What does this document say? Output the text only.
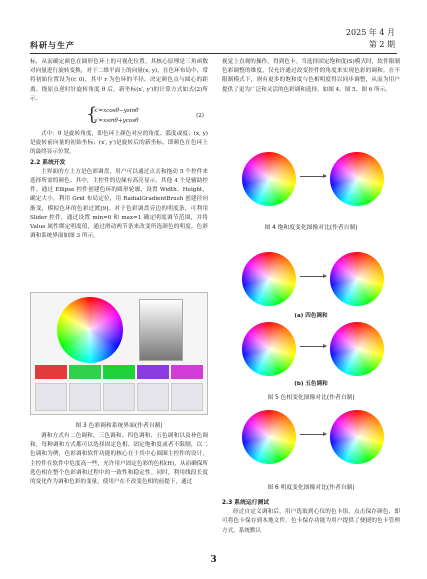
科研与生产
2025 年 4 月
第 2 期

标，从而确定颜色在圆形色环上的可视化位置。其核心原理是三角函数对向量进行旋转变换，对于二维平面上的向量(x, y)，在色环布局中，常将初始位置设为(r, 0)，其中 r 为色环的半径，决定颜色点与圆心的距离。绕原点逆时针旋转角度 θ 后，新坐标(x′, y′)的计算方式如式(2)所示。

{
x′=xcosθ−ysinθ
y′=xsinθ+ycosθ
(2)

式中：θ 是旋转角度，即色环上颜色对应的角度、弧度或度；(x, y)是旋转前向量的初始坐标；(x′, y′)是旋转后的新坐标，即颜色在色环上的最终显示位置。

2.2 系统开发

主界面的左上方是色彩调盘，用户可以通过点击和拖动 5 个控件来选择所需的颜色。其中，主控件的边缘有高亮显示。其他 4 个是辅助控件。通过 Ellipse 控件创建色环的圆形轮廓，设置 Width、Height，确定大小，利用 Grid 布局定位，用 RadialGradientBrush 创建径向渐变，模拟色环的色彩过渡[9]。对于色彩调盘旁边的明度条，可利用 Slider 控件，通过设置 min=0 和 max=1 确定明度调节范围，并将 Value 属性绑定明度值，通过滑动两节条来改变所选颜色的明度。色彩调和系统界面如图 3 所示。

图 3 色彩调和系统界面(作者自制)

调和方式有二色调和、三色调和、四色调和、五色调和以及补色调和，每种调和方式都可以选择固定色相、固定饱和度或者不限制，以二色调和为例，色彩调和软件功能的核心在于其中心圆圈主控件的设计，主控件在软件中危度高一些，允许用户固定色彩的色相(H)，从而确保所选色相在整个色彩调和过程中的一致性和稳定性。同时，利用线段长度的变化作为调和色彩的变量，使用户在不改变色相的前提下，通过

视觉上直观的操作，得到色卡。当选择固定饱和度(S)模式时，软件限制色彩调整的维度，仅允许通过改变控件的角度来实现色彩的调和。在不限制模式下，则有更多的饱和度与色相明度得以同步调整，从而为用户提供了更为广泛和灵活的色彩调和选择，如图 4、图 5、图 6 所示。

图 4 饱和度变化图像对比(作者自制)
(a) 四色调和
(b) 五色调和
图 5 色相变化图像对比(作者自制)
图 6 明度变化图像对比(作者自制)
2.3 系统运行测试

经过自定义调和后，用户选取到心仪的色卡组，点击保存颜色，即可将色卡保存到本地文件。色卡保存功能为用户提供了便捷的色卡管理方式，系统默认

3
